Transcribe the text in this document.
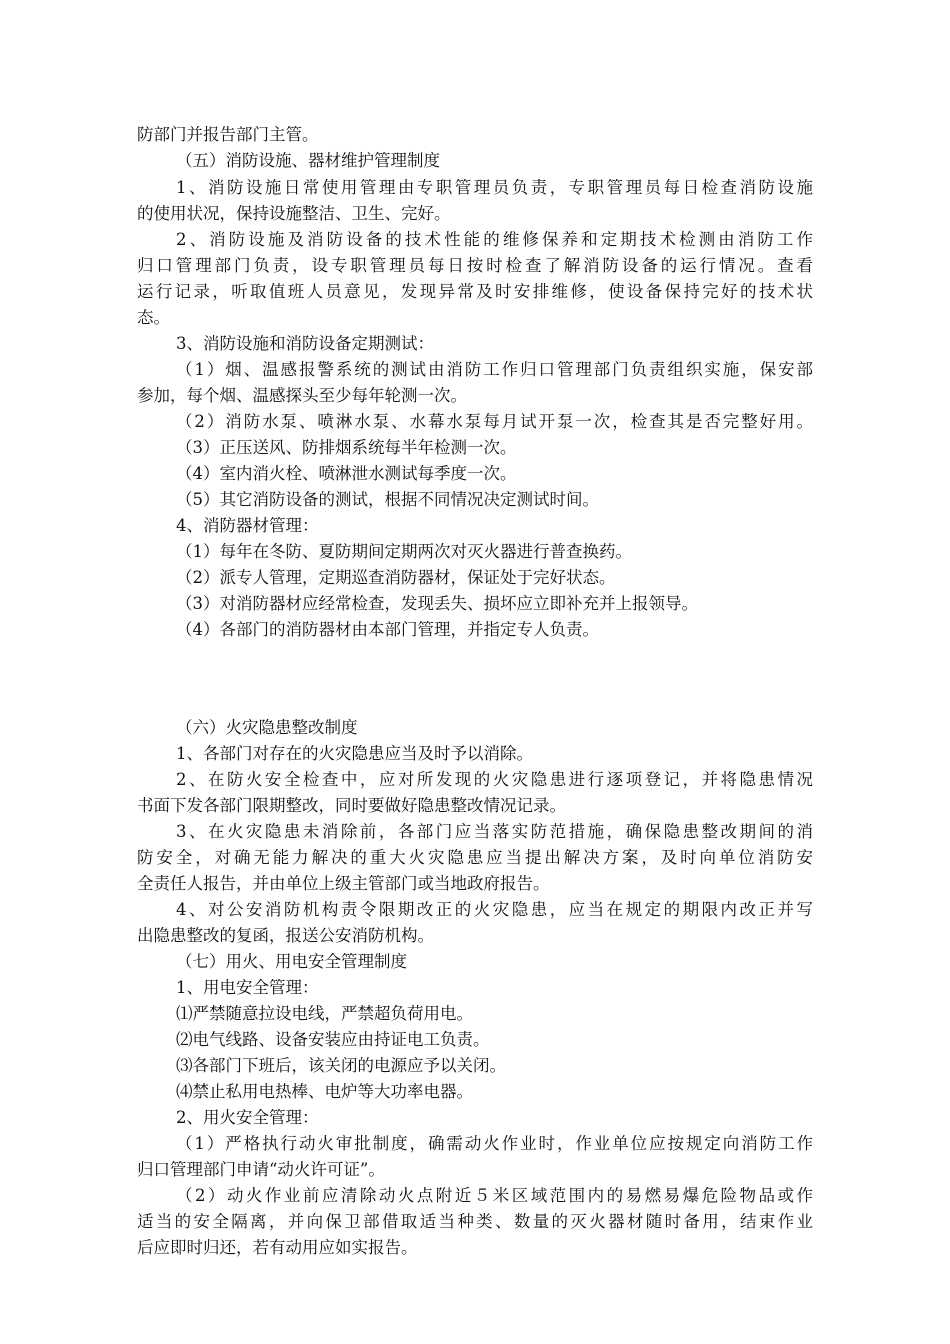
防部门并报告部门主管。
（五）消防设施、器材维护管理制度
1、消防设施日常使用管理由专职管理员负责，专职管理员每日检查消防设施
的使用状况，保持设施整洁、卫生、完好。
2、消防设施及消防设备的技术性能的维修保养和定期技术检测由消防工作
归口管理部门负责，设专职管理员每日按时检查了解消防设备的运行情况。查看
运行记录，听取值班人员意见，发现异常及时安排维修，使设备保持完好的技术状
态。
3、消防设施和消防设备定期测试：
（1）烟、温感报警系统的测试由消防工作归口管理部门负责组织实施，保安部
参加，每个烟、温感探头至少每年轮测一次。
（2）消防水泵、喷淋水泵、水幕水泵每月试开泵一次，检查其是否完整好用。
（3）正压送风、防排烟系统每半年检测一次。
（4）室内消火栓、喷淋泄水测试每季度一次。
（5）其它消防设备的测试，根据不同情况决定测试时间。
4、消防器材管理：
（1）每年在冬防、夏防期间定期两次对灭火器进行普查换药。
（2）派专人管理，定期巡查消防器材，保证处于完好状态。
（3）对消防器材应经常检查，发现丢失、损坏应立即补充并上报领导。
（4）各部门的消防器材由本部门管理，并指定专人负责。
（六）火灾隐患整改制度
1、各部门对存在的火灾隐患应当及时予以消除。
2、在防火安全检查中，应对所发现的火灾隐患进行逐项登记，并将隐患情况
书面下发各部门限期整改，同时要做好隐患整改情况记录。
3、在火灾隐患未消除前，各部门应当落实防范措施，确保隐患整改期间的消
防安全，对确无能力解决的重大火灾隐患应当提出解决方案，及时向单位消防安
全责任人报告，并由单位上级主管部门或当地政府报告。
4、对公安消防机构责令限期改正的火灾隐患，应当在规定的期限内改正并写
出隐患整改的复函，报送公安消防机构。
（七）用火、用电安全管理制度
1、用电安全管理：
⑴严禁随意拉设电线，严禁超负荷用电。
⑵电气线路、设备安装应由持证电工负责。
⑶各部门下班后，该关闭的电源应予以关闭。
⑷禁止私用电热棒、电炉等大功率电器。
2、用火安全管理：
（1）严格执行动火审批制度，确需动火作业时，作业单位应按规定向消防工作
归口管理部门申请“动火许可证”。
（2）动火作业前应清除动火点附近５米区域范围内的易燃易爆危险物品或作
适当的安全隔离，并向保卫部借取适当种类、数量的灭火器材随时备用，结束作业
后应即时归还，若有动用应如实报告。
